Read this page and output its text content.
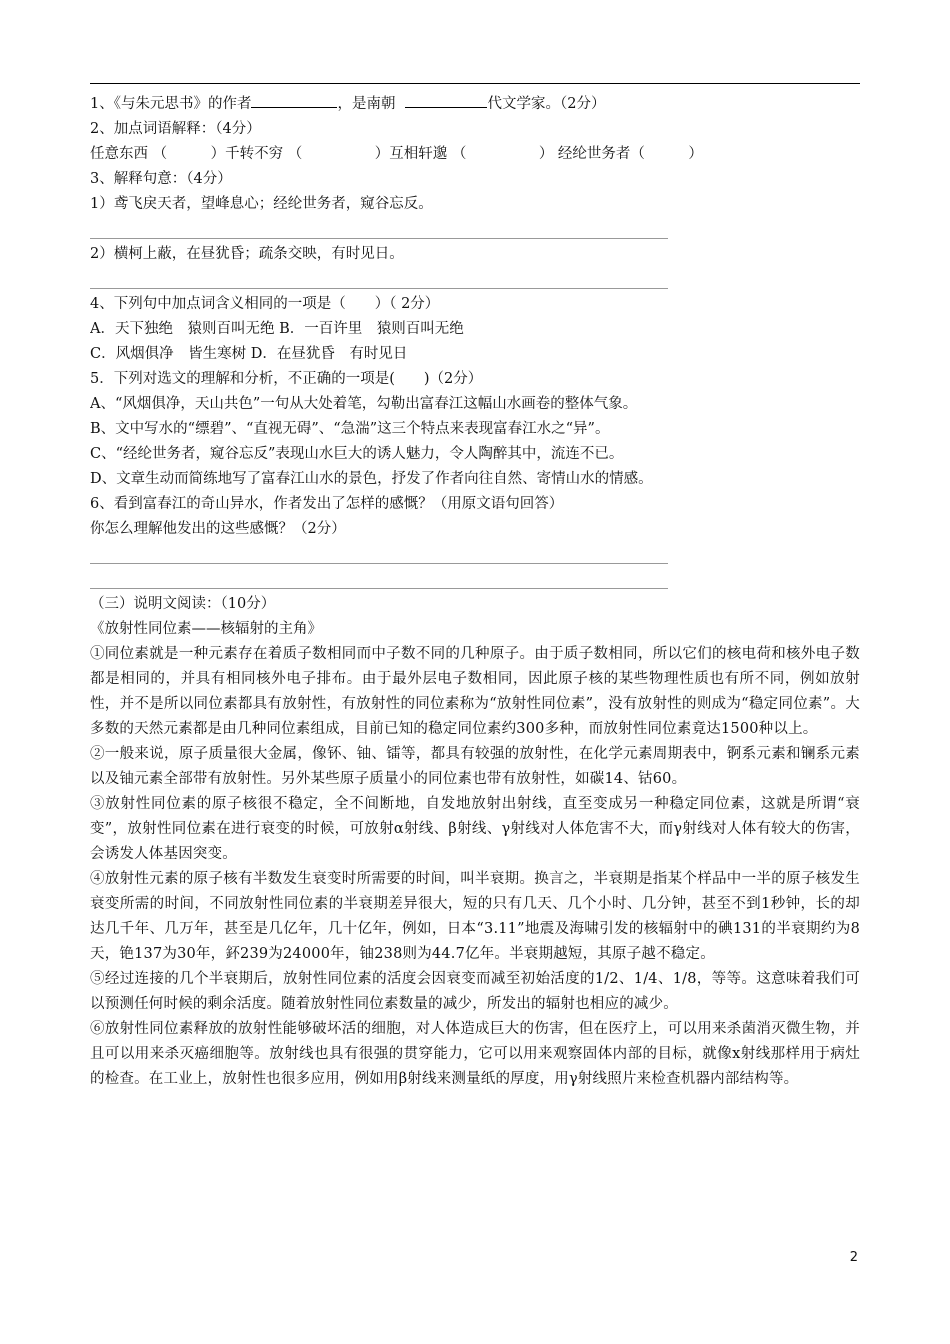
1、《与朱元思书》的作者	，是南朝	代文学家。（2分）
2、加点词语解释：（4分）
任意东西 （　　　）千转不穷 （　　　　　）互相轩邈 （　　　　　） 经纶世务者（　　　）
3、解释句意：（4分）
1）鸢飞戾天者，望峰息心；经纶世务者，窥谷忘反。
2）横柯上蔽，在昼犹昏；疏条交映，有时见日。
4、下列句中加点词含义相同的一项是（　　）（ 2分）
A．天下独绝　猿则百叫无绝 B．一百许里　猿则百叫无绝
C．风烟俱净　皆生寒树 D．在昼犹昏　有时见日
5．下列对选文的理解和分析，不正确的一项是(　　)（2分）
A、“风烟俱净，天山共色”一句从大处着笔，勾勒出富春江这幅山水画卷的整体气象。
B、文中写水的“缥碧”、“直视无碍”、“急湍”这三个特点来表现富春江水之“异”。
C、“经纶世务者，窥谷忘反”表现山水巨大的诱人魅力，令人陶醉其中，流连不已。
D、文章生动而简练地写了富春江山水的景色，抒发了作者向往自然、寄情山水的情感。
6、看到富春江的奇山异水，作者发出了怎样的感慨？（用原文语句回答）
你怎么理解他发出的这些感慨？（2分）
（三）说明文阅读：（10分）
《放射性同位素——核辐射的主角》
①同位素就是一种元素存在着质子数相同而中子数不同的几种原子。由于质子数相同，所以它们的核电荷和核外电子数都是相同的，并具有相同核外电子排布。由于最外层电子数相同，因此原子核的某些物理性质也有所不同，例如放射性，并不是所以同位素都具有放射性，有放射性的同位素称为“放射性同位素”，没有放射性的则成为“稳定同位素”。大多数的天然元素都是由几种同位素组成，目前已知的稳定同位素约300多种，而放射性同位素竟达1500种以上。
②一般来说，原子质量很大金属，像钚、铀、镭等，都具有较强的放射性，在化学元素周期表中，锕系元素和镧系元素以及铀元素全部带有放射性。另外某些原子质量小的同位素也带有放射性，如碳14、钴60。
③放射性同位素的原子核很不稳定，全不间断地，自发地放射出射线，直至变成另一种稳定同位素，这就是所谓“衰变”，放射性同位素在进行衰变的时候，可放射α射线、β射线、γ射线对人体危害不大，而γ射线对人体有较大的伤害，会诱发人体基因突变。
④放射性元素的原子核有半数发生衰变时所需要的时间，叫半衰期。换言之，半衰期是指某个样品中一半的原子核发生衰变所需的时间，不同放射性同位素的半衰期差异很大，短的只有几天、几个小时、几分钟，甚至不到1秒钟，长的却达几千年、几万年，甚至是几亿年，几十亿年，例如，日本“3.11”地震及海啸引发的核辐射中的碘131的半衰期约为8天，铯137为30年，鈈239为24000年，铀238则为44.7亿年。半衰期越短，其原子越不稳定。
⑤经过连接的几个半衰期后，放射性同位素的活度会因衰变而减至初始活度的1/2、1/4、1/8，等等。这意味着我们可以预测任何时候的剩余活度。随着放射性同位素数量的减少，所发出的辐射也相应的减少。
⑥放射性同位素释放的放射性能够破坏活的细胞，对人体造成巨大的伤害，但在医疗上，可以用来杀菌消灭微生物，并且可以用来杀灭癌细胞等。放射线也具有很强的贯穿能力，它可以用来观察固体内部的目标，就像x射线那样用于病灶的检查。在工业上，放射性也很多应用，例如用β射线来测量纸的厚度，用γ射线照片来检查机器内部结构等。
2
